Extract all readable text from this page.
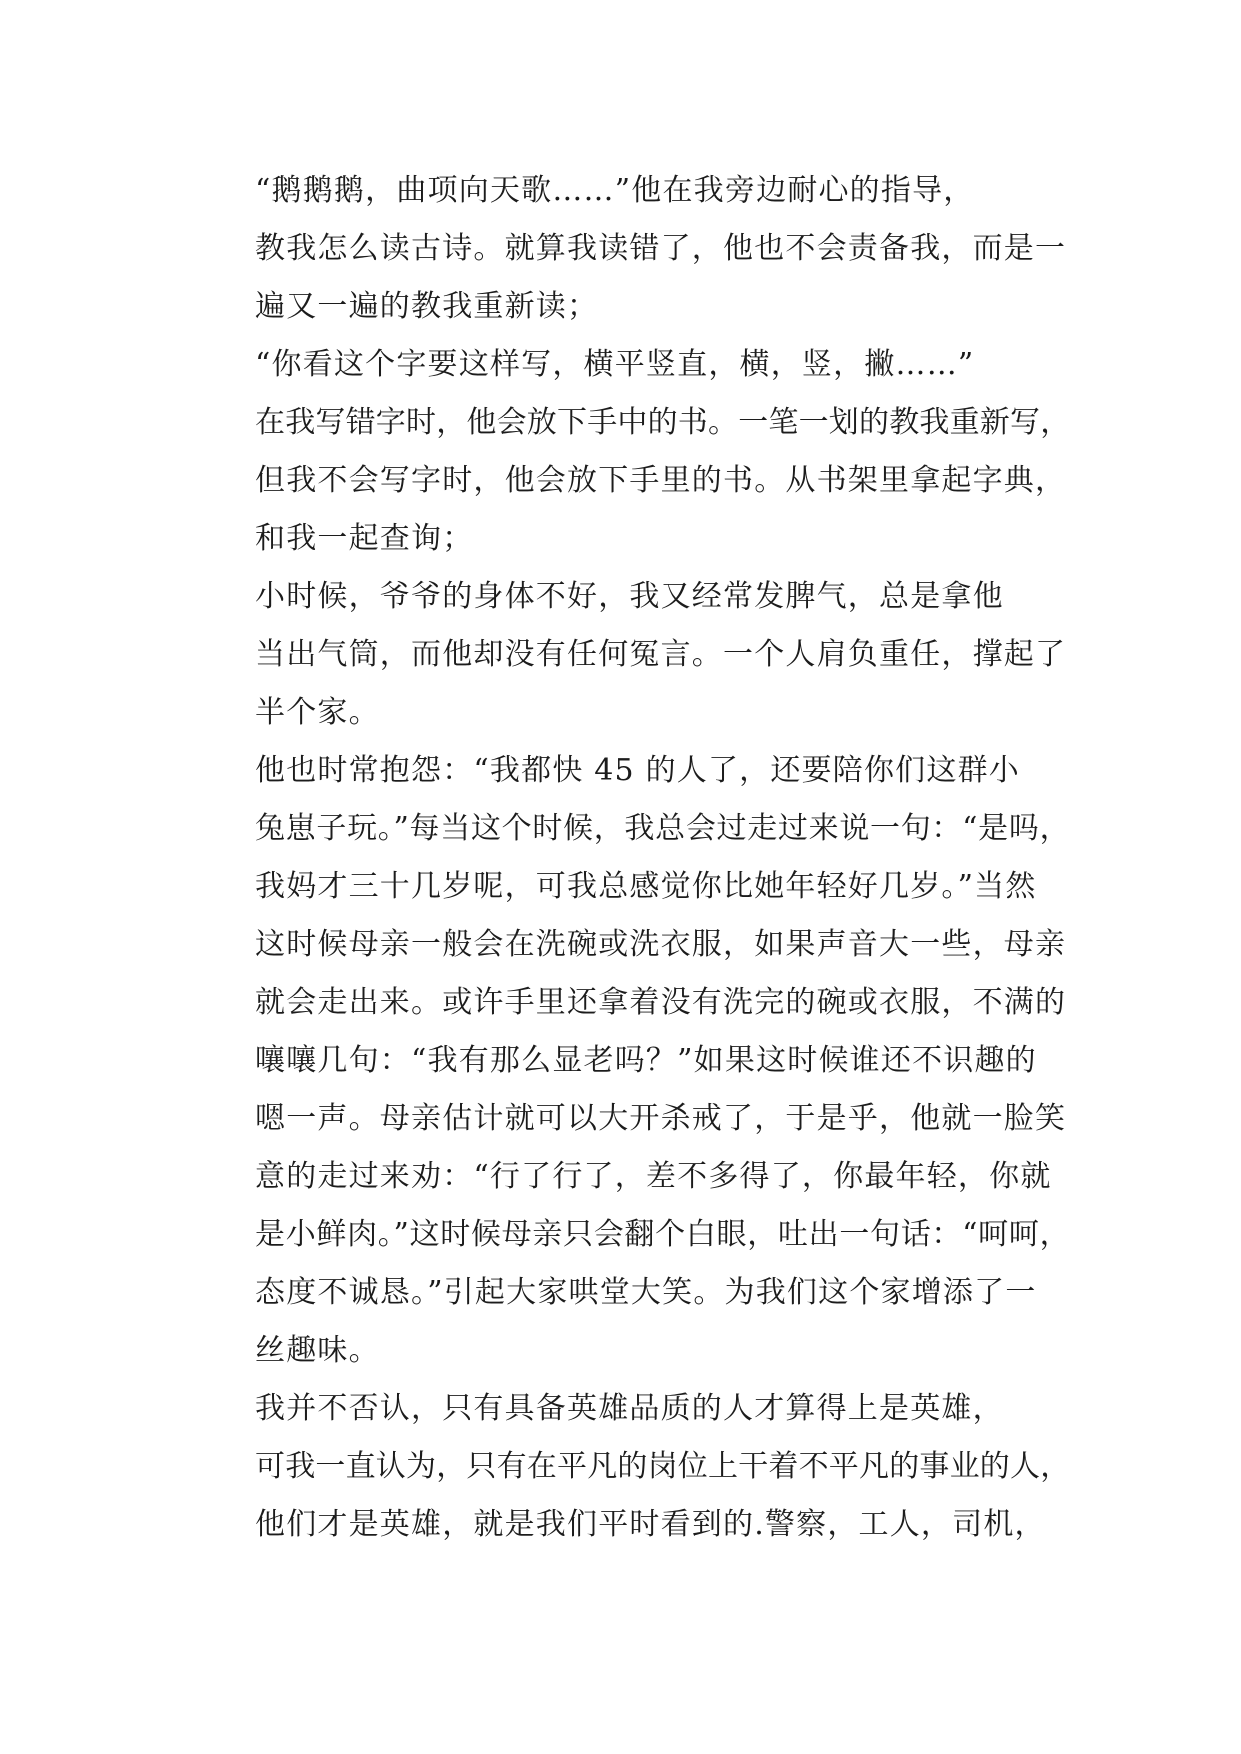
“鹅鹅鹅，曲项向天歌……”他在我旁边耐心的指导，
教我怎么读古诗。就算我读错了，他也不会责备我，而是一
遍又一遍的教我重新读；

“你看这个字要这样写，横平竖直，横，竖，撇……”
在我写错字时，他会放下手中的书。一笔一划的教我重新写，
但我不会写字时，他会放下手里的书。从书架里拿起字典，
和我一起查询；

小时候，爷爷的身体不好，我又经常发脾气，总是拿他
当出气筒，而他却没有任何冤言。一个人肩负重任，撑起了
半个家。

他也时常抱怨：“我都快 45 的人了，还要陪你们这群小
兔崽子玩。”每当这个时候，我总会过走过来说一句：“是吗，
我妈才三十几岁呢，可我总感觉你比她年轻好几岁。”当然
这时候母亲一般会在洗碗或洗衣服，如果声音大一些，母亲
就会走出来。或许手里还拿着没有洗完的碗或衣服，不满的
嚷嚷几句：“我有那么显老吗？”如果这时候谁还不识趣的
嗯一声。母亲估计就可以大开杀戒了，于是乎，他就一脸笑
意的走过来劝：“行了行了，差不多得了，你最年轻，你就
是小鲜肉。”这时候母亲只会翻个白眼，吐出一句话：“呵呵，
态度不诚恳。”引起大家哄堂大笑。为我们这个家增添了一
丝趣味。

我并不否认，只有具备英雄品质的人才算得上是英雄，
可我一直认为，只有在平凡的岗位上干着不平凡的事业的人，
他们才是英雄，就是我们平时看到的.警察，工人，司机，
